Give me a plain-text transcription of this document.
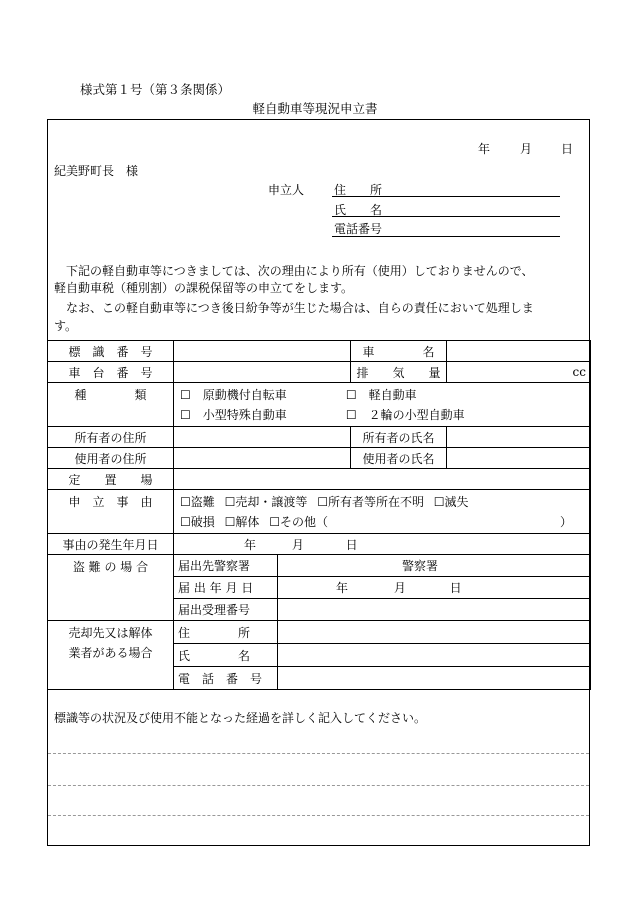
様式第１号（第３条関係）
軽自動車等現況申立書
年 月 日
紀美野町長　様
申立人 住　　所
氏　　名
電話番号
下記の軽自動車等につきましては、次の理由により所有（使用）しておりませんので、
軽自動車税（種別割）の課税保留等の申立てをします。
なお、この軽自動車等につき後日紛争等が生じた場合は、自らの責任において処理しま
す。
標　識　番　号			車　　　　名	
車　台　番　号			排　　気　　量	cc
種　　　　類	☐　原動機付自転車 ☐　軽自動車
☐　小型特殊自動車 ☐　２輪の小型自動車			

所有者の住所			所有者の氏名	
使用者の住所			使用者の氏名	
定　　置　　場				
申　立　事　由	☐盗難 ☐売却・譲渡等 ☐所有者等所在不明 ☐滅失
☐破損 ☐解体 ☐その他（ ）			

事由の発生年月日	年 月 日			
盗 難 の 場 合	届出先警察署	警察署		
	届 出 年 月 日	年 月 日		
	届出受理番号			

売却先又は解体
業者がある場合	住　　　　所			
	氏　　　　名			
	電　話　番　号			
標識等の状況及び使用不能となった経過を詳しく記入してください。
